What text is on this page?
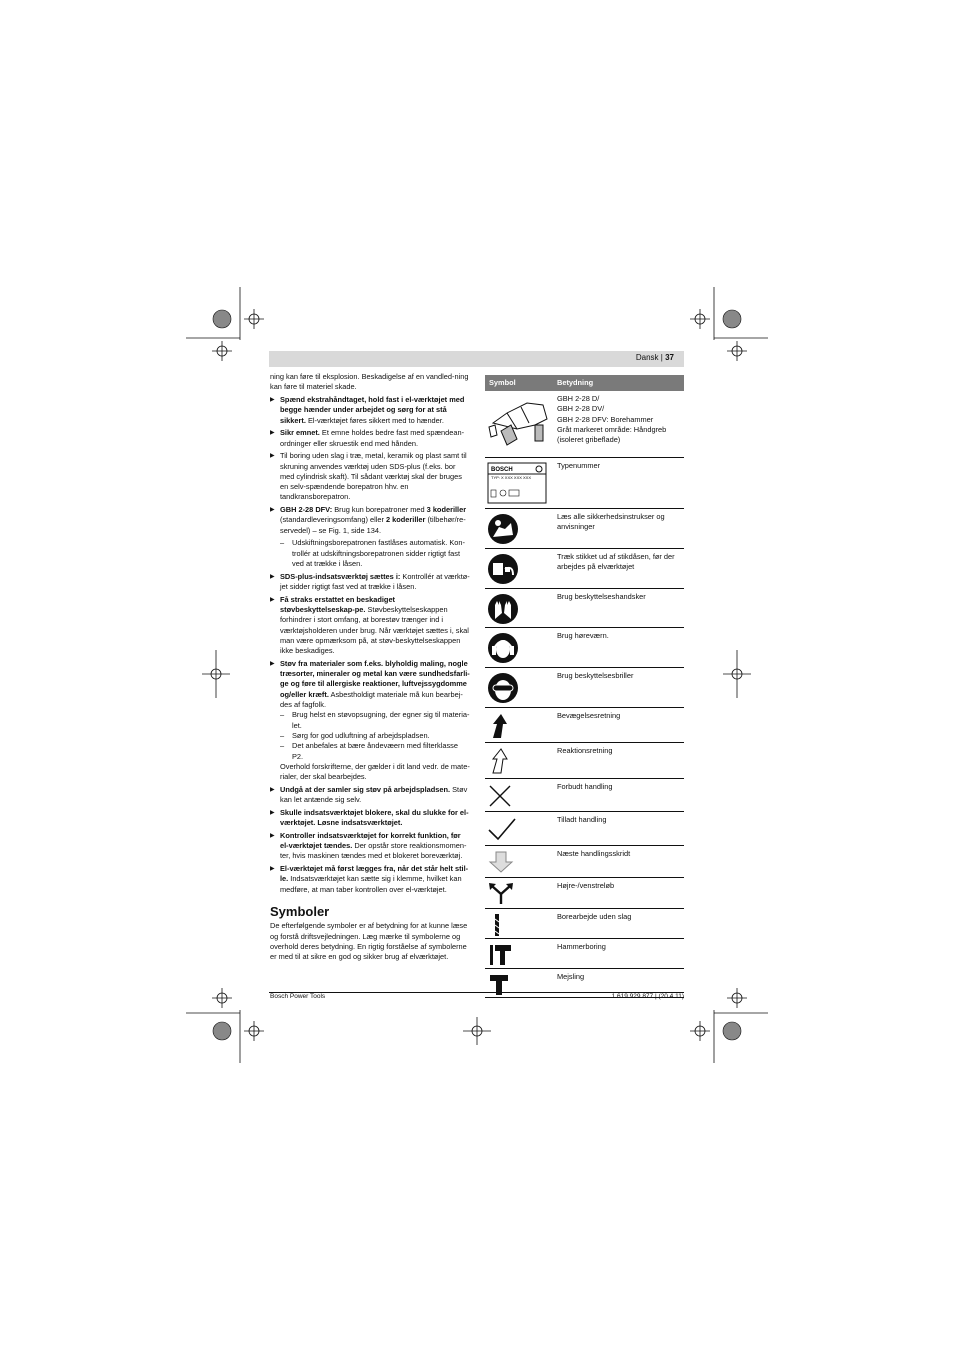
Dansk | 37

ning kan føre til eksplosion. Beskadigelse af en vandled-ning kan føre til materiel skade.

▶ Spænd ekstrahåndtaget, hold fast i el-værktøjet med begge hænder under arbejdet og sørg for at stå sikkert. El-værktøjet føres sikkert med to hænder.

▶ Sikr emnet. Et emne holdes bedre fast med spændean-ordninger eller skruestik end med hånden.

▶ Til boring uden slag i træ, metal, keramik og plast samt til skruning anvendes værktøj uden SDS-plus (f.eks. bor med cylindrisk skaft). Til sådant værktøj skal der bruges en selv-spændende borepatron hhv. en tandkransborepatron.

▶ GBH 2-28 DFV: Brug kun borepatroner med 3 koderiller (standardleveringsomfang) eller 2 koderiller (tilbehør/re-servedel) – se Fig. 1, side 134.

– Udskiftningsborepatronen fastlåses automatisk. Kon-trollér at udskiftningsborepatronen sidder rigtigt fast ved at trække i låsen.

▶ SDS-plus-indsatsværktøj sættes i: Kontrollér at værktø-jet sidder rigtigt fast ved at trække i låsen.

▶ Få straks erstattet en beskadiget støvbeskyttelseskap-pe. Støvbeskyttelseskappen forhindrer i stort omfang, at borestøv trænger ind i værktøjsholderen under brug. Når værktøjet sættes i, skal man være opmærksom på, at støv-beskyttelseskappen ikke beskadiges.

▶ Støv fra materialer som f.eks. blyholdig maling, nogle træsorter, mineraler og metal kan være sundhedsfarli-ge og føre til allergiske reaktioner, luftvejssygdomme og/eller kræft. Asbestholdigt materiale må kun bearbej-des af fagfolk.

– Brug helst en støvopsugning, der egner sig til materia-let.

– Sørg for god udluftning af arbejdspladsen.

– Det anbefales at bære åndevæern med filterklasse P2.

Overhold forskrifterne, der gælder i dit land vedr. de mate-rialer, der skal bearbejdes.

▶ Undgå at der samler sig støv på arbejdspladsen. Støv kan let antænde sig selv.

▶ Skulle indsatsværktøjet blokere, skal du slukke for el-værktøjet. Løsne indsatsværktøjet.

▶ Kontroller indsatsværktøjet for korrekt funktion, før el-værktøjet tændes. Der opstår store reaktionsmomen-ter, hvis maskinen tændes med et blokeret boreværktøj.

▶ El-værktøjet må først lægges fra, når det står helt stil-le. Indsatsværktøjet kan sætte sig i klemme, hvilket kan medføre, at man taber kontrollen over el-værktøjet.

Symboler

De efterfølgende symboler er af betydning for at kunne læse og forstå driftsvejledningen. Læg mærke til symbolerne og overhold deres betydning. En rigtig forståelse af symbolerne er med til at sikre en god og sikker brug af elværktøjet.

Symbol	Betydning
GBH 2-28 D/
GBH 2-28 DV/
GBH 2-28 DFV: Borehammer
Gråt markeret område: Håndgreb (isoleret gribeflade)
BOSCH
TYP: X XXX XXX XXX
Typenummer
Læs alle sikkerhedsinstrukser og anvisninger
Træk stikket ud af stikdåsen, før der arbejdes på elværktøjet
Brug beskyttelseshandsker
Brug høreværn.
Brug beskyttelsesbriller
Bevægelsesretning
Reaktionsretning
Forbudt handling
Tilladt handling
Næste handlingsskridt
Højre-/venstreløb
Borearbejde uden slag
Hammerboring
Mejsling
Bosch Power Tools	1 619 929 877 | (20.4.11)
